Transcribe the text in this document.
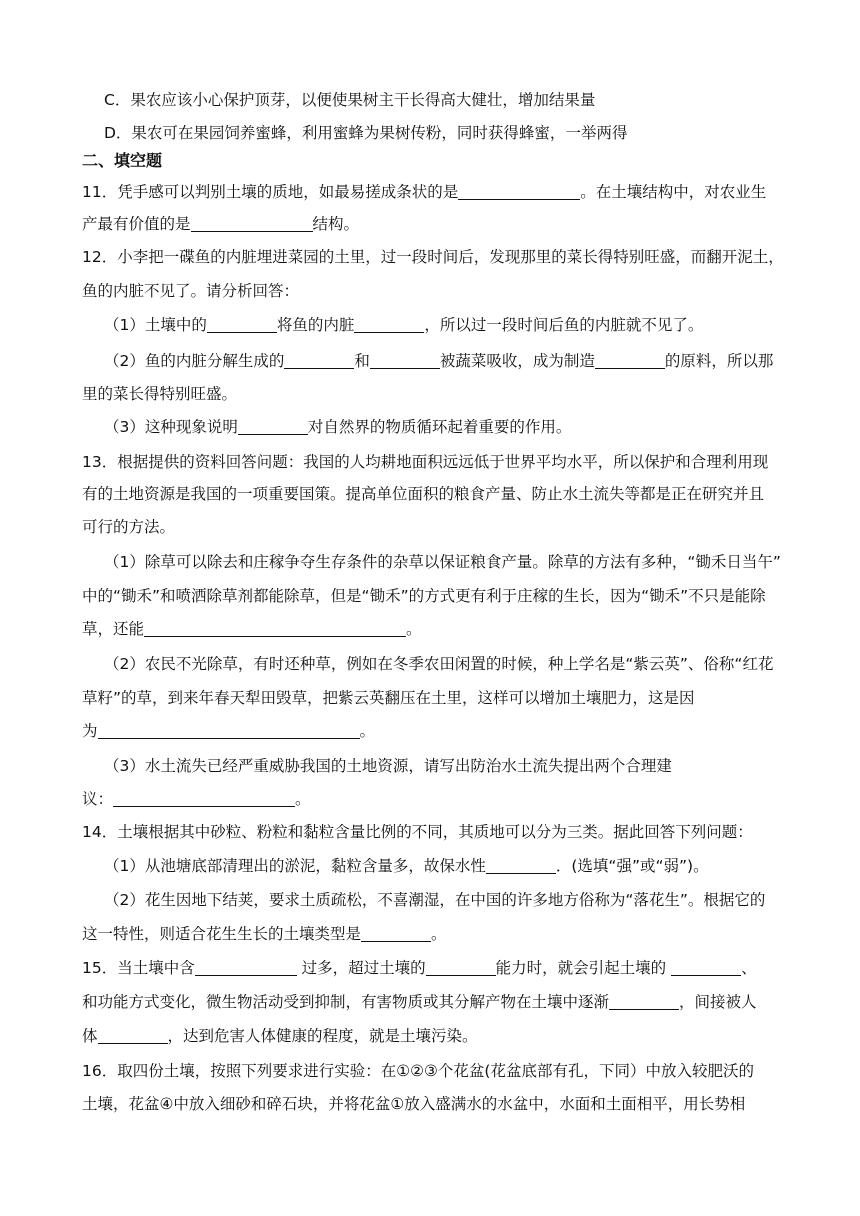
C．果农应该小心保护顶芽，以便使果树主干长得高大健壮，增加结果量
D．果农可在果园饲养蜜蜂，利用蜜蜂为果树传粉，同时获得蜂蜜，一举两得
二、填空题
11．凭手感可以判别土壤的质地，如最易搓成条状的是	。在土壤结构中，对农业生
产最有价值的是	结构。
12．小李把一碟鱼的内脏埋进菜园的土里，过一段时间后，发现那里的菜长得特别旺盛，而翻开泥土，
鱼的内脏不见了。请分析回答：
（1）土壤中的	将鱼的内脏	，所以过一段时间后鱼的内脏就不见了。
（2）鱼的内脏分解生成的	和	被蔬菜吸收，成为制造	的原料，所以那
里的菜长得特别旺盛。
（3）这种现象说明	对自然界的物质循环起着重要的作用。
13．根据提供的资料回答问题：我国的人均耕地面积远远低于世界平均水平，所以保护和合理利用现
有的土地资源是我国的一项重要国策。提高单位面积的粮食产量、防止水土流失等都是正在研究并且
可行的方法。
（1）除草可以除去和庄稼争夺生存条件的杂草以保证粮食产量。除草的方法有多种，“锄禾日当午”
中的“锄禾”和喷洒除草剂都能除草，但是“锄禾”的方式更有利于庄稼的生长，因为“锄禾”不只是能除
草，还能	。
（2）农民不光除草，有时还种草，例如在冬季农田闲置的时候，种上学名是“紫云英”、俗称“红花
草籽”的草，到来年春天犁田毁草，把紫云英翻压在土里，这样可以增加土壤肥力，这是因
为	。
（3）水土流失已经严重威胁我国的土地资源，请写出防治水土流失提出两个合理建
议：	。
14．土壤根据其中砂粒、粉粒和黏粒含量比例的不同，其质地可以分为三类。据此回答下列问题：
（1）从池塘底部清理出的淤泥，黏粒含量多，故保水性	．(选填“强”或“弱”)。
（2）花生因地下结荚，要求土质疏松，不喜潮湿，在中国的许多地方俗称为“落花生”。根据它的
这一特性，则适合花生生长的土壤类型是	。
15．当土壤中含	过多，超过土壤的	能力时，就会引起土壤的	、
和功能方式变化，微生物活动受到抑制，有害物质或其分解产物在土壤中逐渐	，间接被人
体	，达到危害人体健康的程度，就是土壤污染。
16．取四份土壤，按照下列要求进行实验：在①②③个花盆(花盆底部有孔，下同）中放入较肥沃的
土壤，花盆④中放入细砂和碎石块，并将花盆①放入盛满水的水盆中，水面和土面相平，用长势相
